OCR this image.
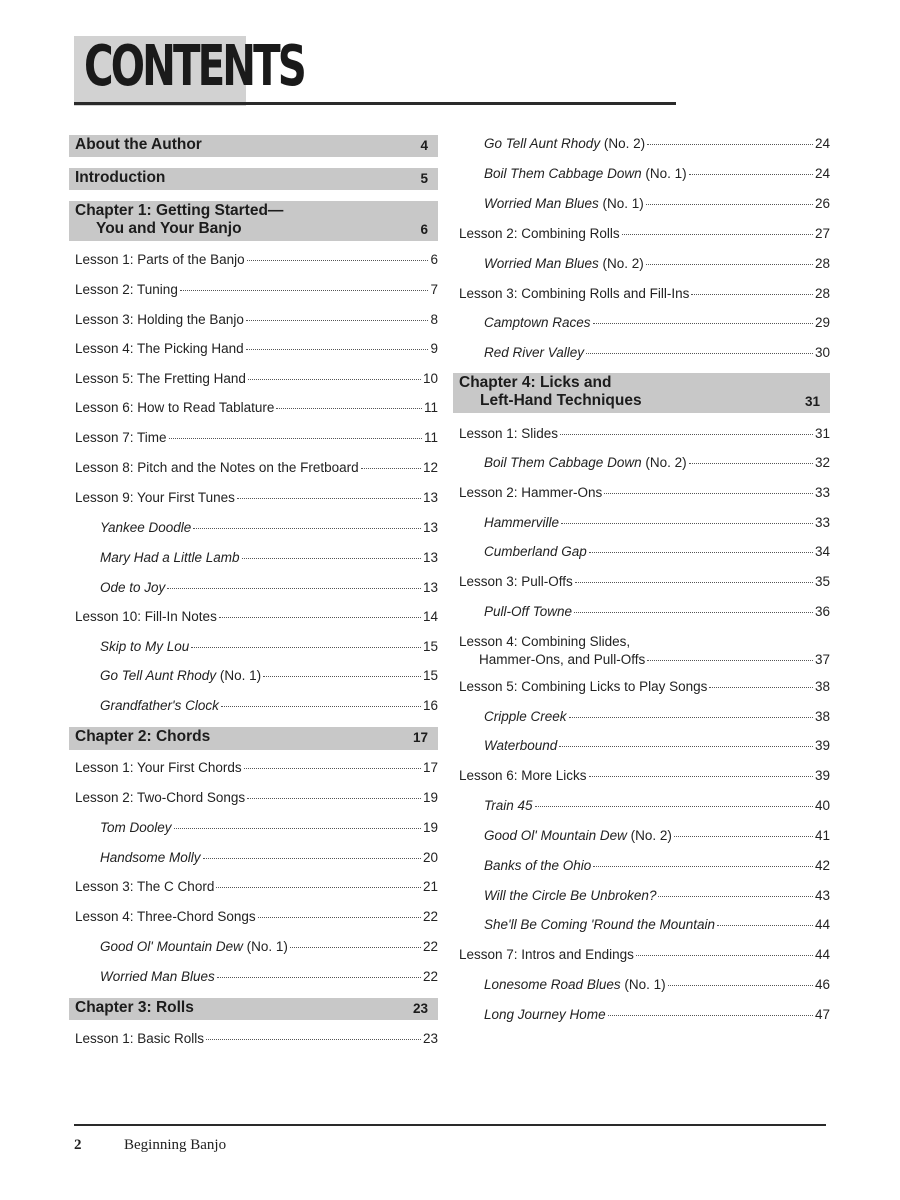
CONTENTS
About the Author	4
Introduction	5
Chapter 1: Getting Started—
You and Your Banjo	6
Lesson 1: Parts of the Banjo	6
Lesson 2: Tuning	7
Lesson 3: Holding the Banjo	8
Lesson 4: The Picking Hand	9
Lesson 5: The Fretting Hand	10
Lesson 6: How to Read Tablature	11
Lesson 7: Time	11
Lesson 8: Pitch and the Notes on the Fretboard	12
Lesson 9: Your First Tunes	13
Yankee Doodle	13
Mary Had a Little Lamb	13
Ode to Joy	13
Lesson 10: Fill-In Notes	14
Skip to My Lou	15
Go Tell Aunt Rhody (No. 1)	15
Grandfather's Clock	16
Chapter 2: Chords	17
Lesson 1: Your First Chords	17
Lesson 2: Two-Chord Songs	19
Tom Dooley	19
Handsome Molly	20
Lesson 3: The C Chord	21
Lesson 4: Three-Chord Songs	22
Good Ol' Mountain Dew (No. 1)	22
Worried Man Blues	22
Chapter 3: Rolls	23
Lesson 1: Basic Rolls	23
Go Tell Aunt Rhody (No. 2)	24
Boil Them Cabbage Down (No. 1)	24
Worried Man Blues (No. 1)	26
Lesson 2: Combining Rolls	27
Worried Man Blues (No. 2)	28
Lesson 3: Combining Rolls and Fill-Ins	28
Camptown Races	29
Red River Valley	30
Chapter 4: Licks and
Left-Hand Techniques	31
Lesson 1: Slides	31
Boil Them Cabbage Down (No. 2)	32
Lesson 2: Hammer-Ons	33
Hammerville	33
Cumberland Gap	34
Lesson 3: Pull-Offs	35
Pull-Off Towne	36
Lesson 4: Combining Slides,
Hammer-Ons, and Pull-Offs	37
Lesson 5: Combining Licks to Play Songs	38
Cripple Creek	38
Waterbound	39
Lesson 6: More Licks	39
Train 45	40
Good Ol' Mountain Dew (No. 2)	41
Banks of the Ohio	42
Will the Circle Be Unbroken?	43
She'll Be Coming 'Round the Mountain	44
Lesson 7: Intros and Endings	44
Lonesome Road Blues (No. 1)	46
Long Journey Home	47
2	Beginning Banjo
